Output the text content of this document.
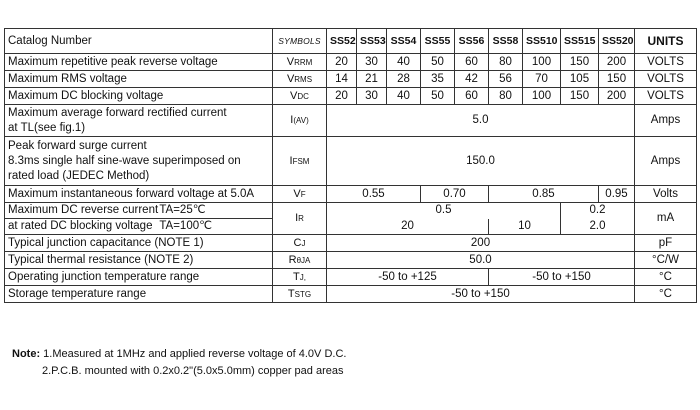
Catalog Number	SYMBOLS	SS52	SS53	SS54	SS55	SS56	SS58	SS510	SS515	SS520	UNITS
Maximum repetitive peak reverse voltage	VRRM	20	30	40	50	60	80	100	150	200	VOLTS
Maximum RMS voltage	VRMS	14	21	28	35	42	56	70	105	150	VOLTS
Maximum DC blocking voltage	VDC	20	30	40	50	60	80	100	150	200	VOLTS

Maximum average forward rectified current
at TL(see fig.1)	I(AV)	5.0									Amps

Peak forward surge current
8.3ms single half sine-wave superimposed on
rated load (JEDEC Method)	IFSM	150.0									Amps
Maximum instantaneous forward voltage at 5.0A	VF	0.55			0.70		0.85			0.95	Volts
Maximum DC reverse currentTA=25℃	IR	0.5							0.2		mA
at rated DC blocking voltage TA=100℃		20					10		2.0		
Typical junction capacitance (NOTE 1)	CJ	200									pF
Typical thermal resistance (NOTE 2)	RθJA	50.0									°C/W
Operating junction temperature range	TJ,	-50 to +125					-50 to +150				°C
Storage temperature range	TSTG	-50 to +150									°C
Note: 1.Measured at 1MHz and applied reverse voltage of 4.0V D.C.
2.P.C.B. mounted with 0.2x0.2"(5.0x5.0mm) copper pad areas
